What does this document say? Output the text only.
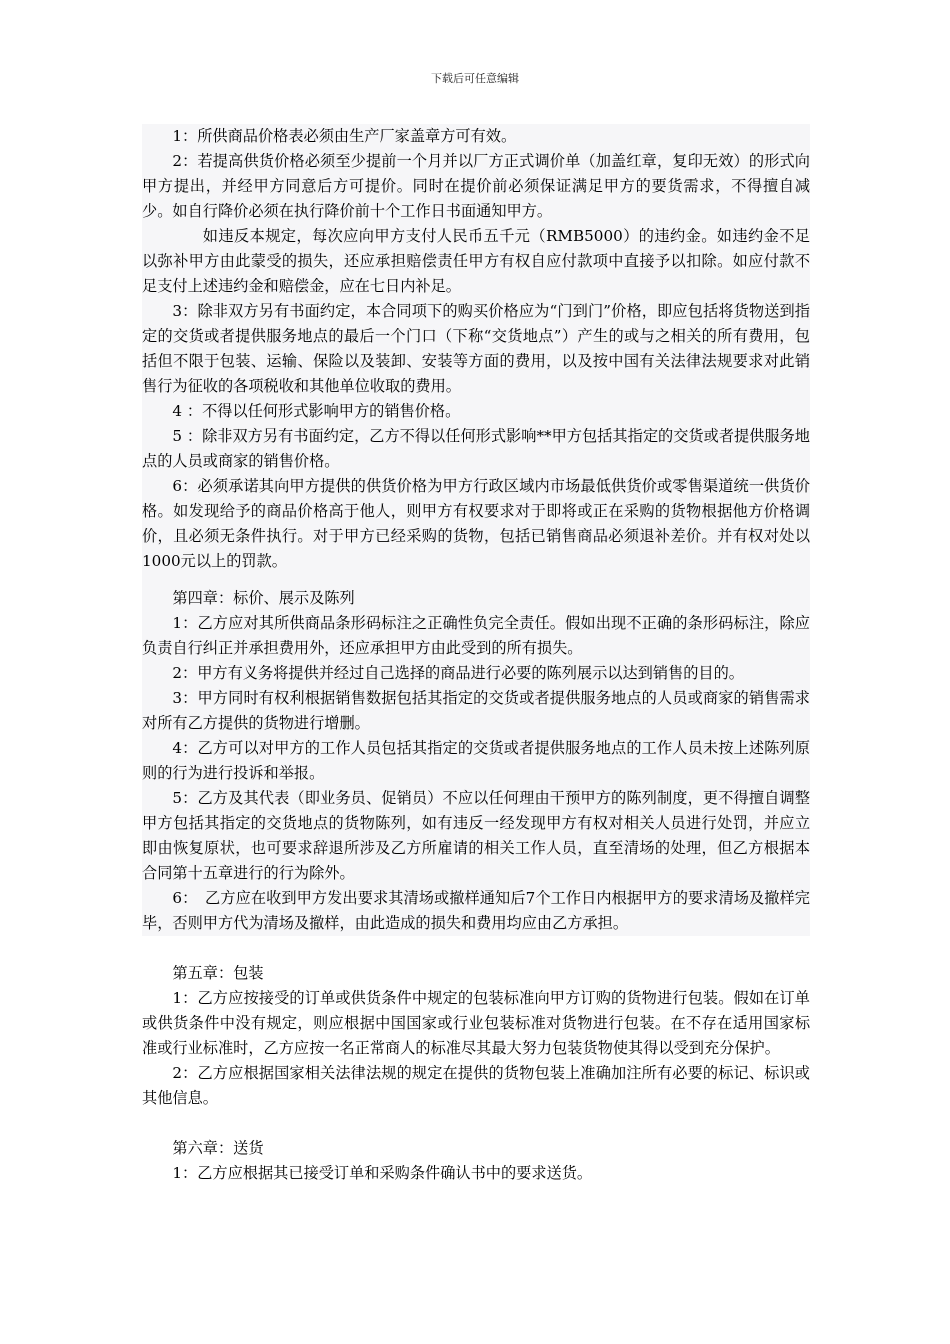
下载后可任意编辑

1：所供商品价格表必须由生产厂家盖章方可有效。

2：若提高供货价格必须至少提前一个月并以厂方正式调价单（加盖红章，复印无效）的形式向甲方提出，并经甲方同意后方可提价。同时在提价前必须保证满足甲方的要货需求，不得擅自减少。如自行降价必须在执行降价前十个工作日书面通知甲方。

如违反本规定，每次应向甲方支付人民币五千元（RMB5000）的违约金。如违约金不足以弥补甲方由此蒙受的损失，还应承担赔偿责任甲方有权自应付款项中直接予以扣除。如应付款不足支付上述违约金和赔偿金，应在七日内补足。

3：除非双方另有书面约定，本合同项下的购买价格应为“门到门”价格，即应包括将货物送到指定的交货或者提供服务地点的最后一个门口（下称“交货地点”）产生的或与之相关的所有费用，包括但不限于包装、运输、保险以及装卸、安装等方面的费用，以及按中国有关法律法规要求对此销售行为征收的各项税收和其他单位收取的费用。

4 ：不得以任何形式影响甲方的销售价格。

5 ：除非双方另有书面约定，乙方不得以任何形式影响**甲方包括其指定的交货或者提供服务地点的人员或商家的销售价格。

6：必须承诺其向甲方提供的供货价格为甲方行政区域内市场最低供货价或零售渠道统一供货价格。如发现给予的商品价格高于他人，则甲方有权要求对于即将或正在采购的货物根据他方价格调价，且必须无条件执行。对于甲方已经采购的货物，包括已销售商品必须退补差价。并有权对处以1000元以上的罚款。

第四章：标价、展示及陈列

1：乙方应对其所供商品条形码标注之正确性负完全责任。假如出现不正确的条形码标注，除应负责自行纠正并承担费用外，还应承担甲方由此受到的所有损失。

2：甲方有义务将提供并经过自己选择的商品进行必要的陈列展示以达到销售的目的。

3：甲方同时有权利根据销售数据包括其指定的交货或者提供服务地点的人员或商家的销售需求对所有乙方提供的货物进行增删。

4：乙方可以对甲方的工作人员包括其指定的交货或者提供服务地点的工作人员未按上述陈列原则的行为进行投诉和举报。

5：乙方及其代表（即业务员、促销员）不应以任何理由干预甲方的陈列制度，更不得擅自调整甲方包括其指定的交货地点的货物陈列，如有违反一经发现甲方有权对相关人员进行处罚，并应立即由恢复原状，也可要求辞退所涉及乙方所雇请的相关工作人员，直至清场的处理，但乙方根据本合同第十五章进行的行为除外。

6：　乙方应在收到甲方发出要求其清场或撤样通知后7个工作日内根据甲方的要求清场及撤样完毕，否则甲方代为清场及撤样，由此造成的损失和费用均应由乙方承担。

第五章：包装

1：乙方应按接受的订单或供货条件中规定的包装标准向甲方订购的货物进行包装。假如在订单或供货条件中没有规定，则应根据中国国家或行业包装标准对货物进行包装。在不存在适用国家标准或行业标准时，乙方应按一名正常商人的标准尽其最大努力包装货物使其得以受到充分保护。

2：乙方应根据国家相关法律法规的规定在提供的货物包装上准确加注所有必要的标记、标识或其他信息。

第六章：送货

1：乙方应根据其已接受订单和采购条件确认书中的要求送货。
